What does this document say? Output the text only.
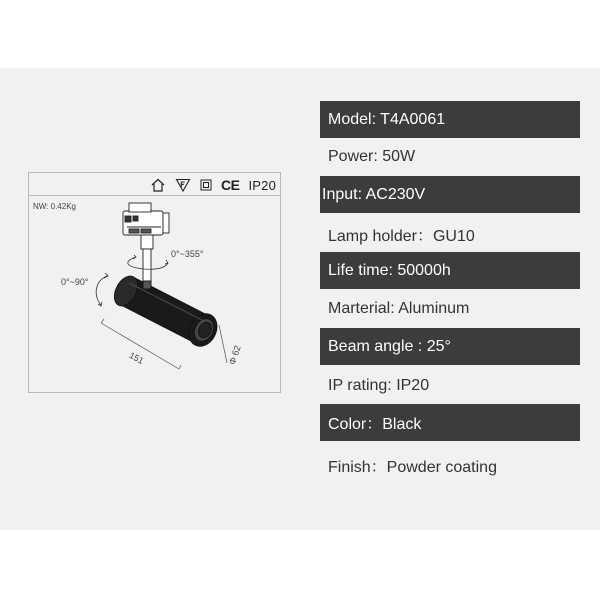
CE IP20
NW: 0.42Kg
0°~355°
0°~90°
151	Φ 62
Model: T4A0061
Power: 50W
Input: AC230V
Lamp holder：GU10
Life time: 50000h
Marterial: Aluminum
Beam angle : 25°
IP rating: IP20
Color：Black
Finish：Powder coating
